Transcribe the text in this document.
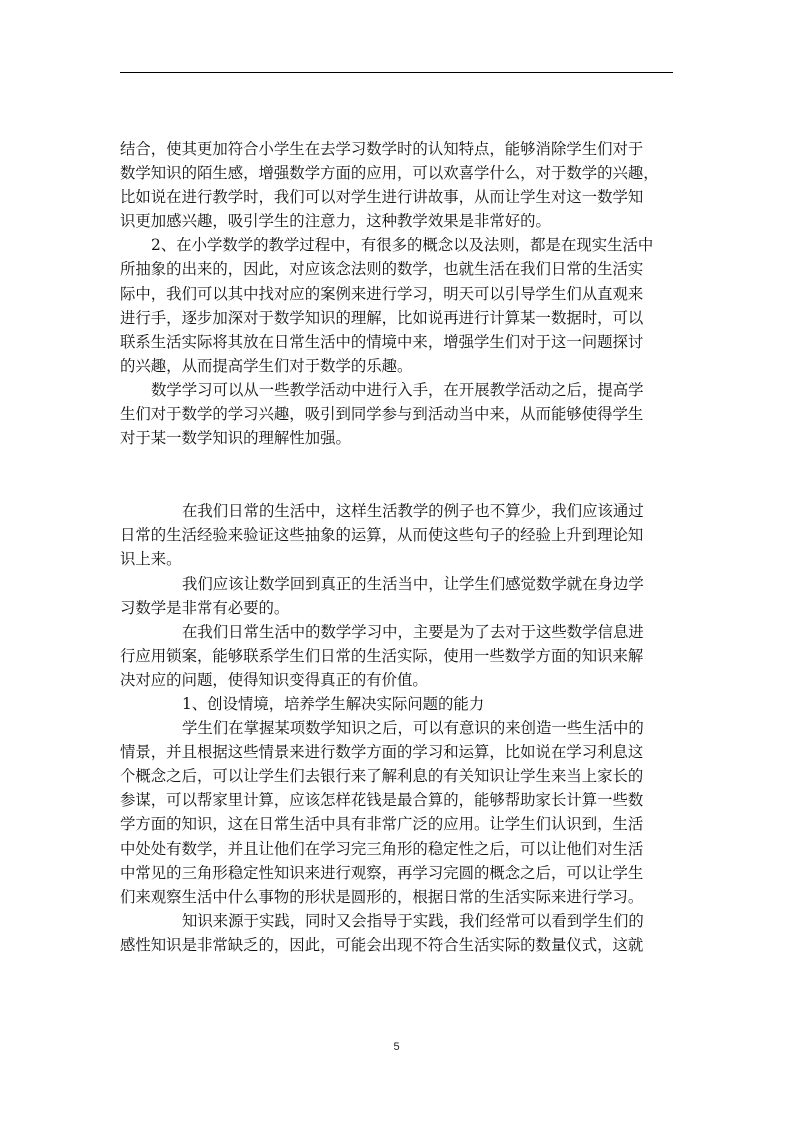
结合，使其更加符合小学生在去学习数学时的认知特点，能够消除学生们对于
数学知识的陌生感，增强数学方面的应用，可以欢喜学什么，对于数学的兴趣，
比如说在进行教学时，我们可以对学生进行讲故事，从而让学生对这一数学知
识更加感兴趣，吸引学生的注意力，这种教学效果是非常好的。

2、在小学数学的教学过程中，有很多的概念以及法则，都是在现实生活中
所抽象的出来的，因此，对应该念法则的数学，也就生活在我们日常的生活实
际中，我们可以其中找对应的案例来进行学习，明天可以引导学生们从直观来
进行手，逐步加深对于数学知识的理解，比如说再进行计算某一数据时，可以
联系生活实际将其放在日常生活中的情境中来，增强学生们对于这一问题探讨
的兴趣，从而提高学生们对于数学的乐趣。

数学学习可以从一些教学活动中进行入手，在开展教学活动之后，提高学
生们对于数学的学习兴趣，吸引到同学参与到活动当中来，从而能够使得学生
对于某一数学知识的理解性加强。

在我们日常的生活中，这样生活教学的例子也不算少，我们应该通过
日常的生活经验来验证这些抽象的运算，从而使这些句子的经验上升到理论知
识上来。

我们应该让数学回到真正的生活当中，让学生们感觉数学就在身边学
习数学是非常有必要的。

在我们日常生活中的数学学习中，主要是为了去对于这些数学信息进
行应用锁案，能够联系学生们日常的生活实际，使用一些数学方面的知识来解
决对应的问题，使得知识变得真正的有价值。

1、创设情境，培养学生解决实际问题的能力

学生们在掌握某项数学知识之后，可以有意识的来创造一些生活中的
情景，并且根据这些情景来进行数学方面的学习和运算，比如说在学习利息这
个概念之后，可以让学生们去银行来了解利息的有关知识让学生来当上家长的
参谋，可以帮家里计算，应该怎样花钱是最合算的，能够帮助家长计算一些数
学方面的知识，这在日常生活中具有非常广泛的应用。让学生们认识到，生活
中处处有数学，并且让他们在学习完三角形的稳定性之后，可以让他们对生活
中常见的三角形稳定性知识来进行观察，再学习完圆的概念之后，可以让学生
们来观察生活中什么事物的形状是圆形的，根据日常的生活实际来进行学习。

知识来源于实践，同时又会指导于实践，我们经常可以看到学生们的
感性知识是非常缺乏的，因此，可能会出现不符合生活实际的数量仪式，这就

5
